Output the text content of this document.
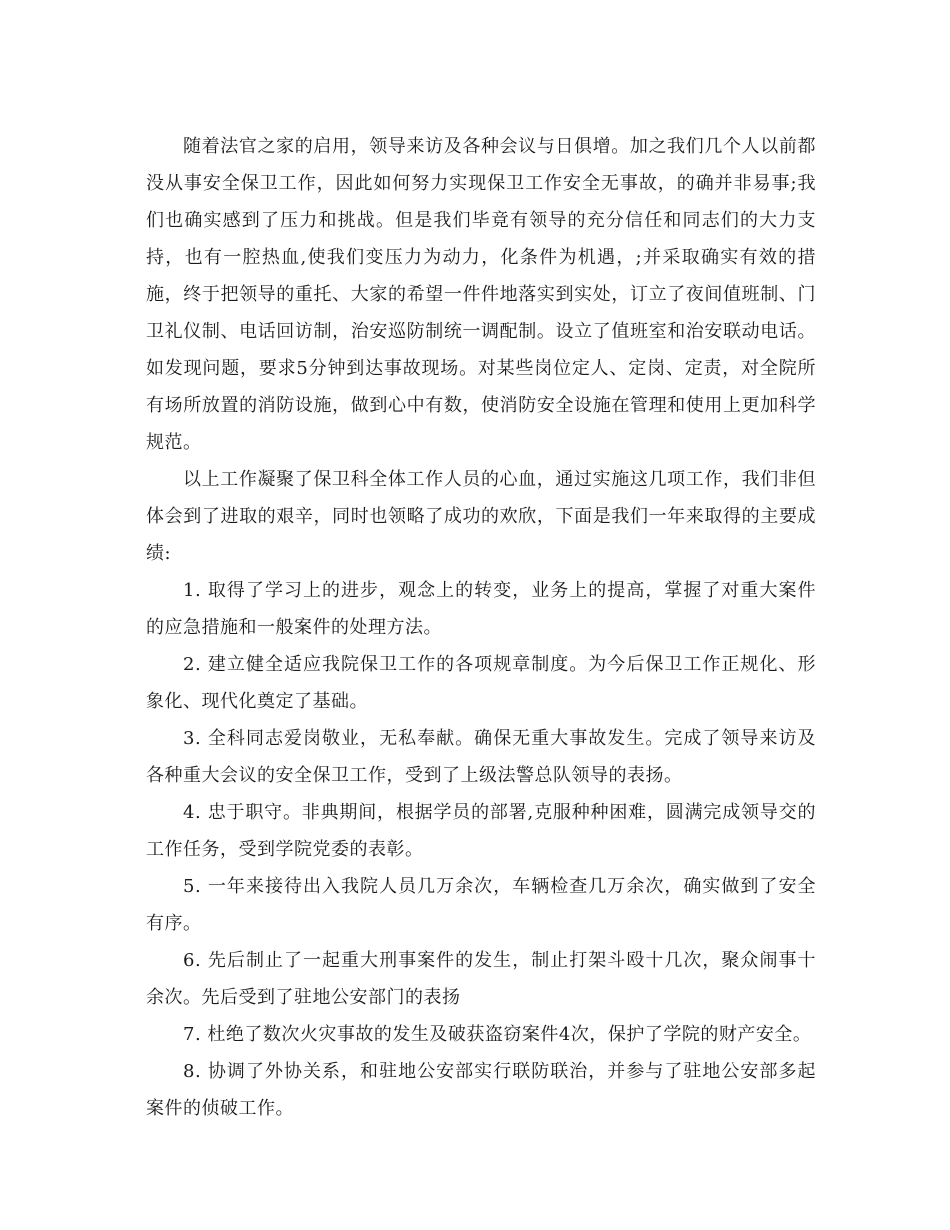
随着法官之家的启用，领导来访及各种会议与日俱增。加之我们几个人以前都没从事安全保卫工作，因此如何努力实现保卫工作安全无事故，的确并非易事;我们也确实感到了压力和挑战。但是我们毕竟有领导的充分信任和同志们的大力支持，也有一腔热血,使我们变压力为动力，化条件为机遇，;并采取确实有效的措施，终于把领导的重托、大家的希望一件件地落实到实处，订立了夜间值班制、门卫礼仪制、电话回访制，治安巡防制统一调配制。设立了值班室和治安联动电话。如发现问题，要求5分钟到达事故现场。对某些岗位定人、定岗、定责，对全院所有场所放置的消防设施，做到心中有数，使消防安全设施在管理和使用上更加科学规范。

以上工作凝聚了保卫科全体工作人员的心血，通过实施这几项工作，我们非但体会到了进取的艰辛，同时也领略了成功的欢欣，下面是我们一年来取得的主要成绩:

1. 取得了学习上的进步，观念上的转变，业务上的提高，掌握了对重大案件的应急措施和一般案件的处理方法。

2. 建立健全适应我院保卫工作的各项规章制度。为今后保卫工作正规化、形象化、现代化奠定了基础。

3. 全科同志爱岗敬业，无私奉献。确保无重大事故发生。完成了领导来访及各种重大会议的安全保卫工作，受到了上级法警总队领导的表扬。

4. 忠于职守。非典期间，根据学员的部署,克服种种困难，圆满完成领导交的工作任务，受到学院党委的表彰。

5. 一年来接待出入我院人员几万余次，车辆检查几万余次，确实做到了安全有序。

6. 先后制止了一起重大刑事案件的发生，制止打架斗殴十几次，聚众闹事十余次。先后受到了驻地公安部门的表扬

7. 杜绝了数次火灾事故的发生及破获盗窃案件4次，保护了学院的财产安全。

8. 协调了外协关系，和驻地公安部实行联防联治，并参与了驻地公安部多起案件的侦破工作。
